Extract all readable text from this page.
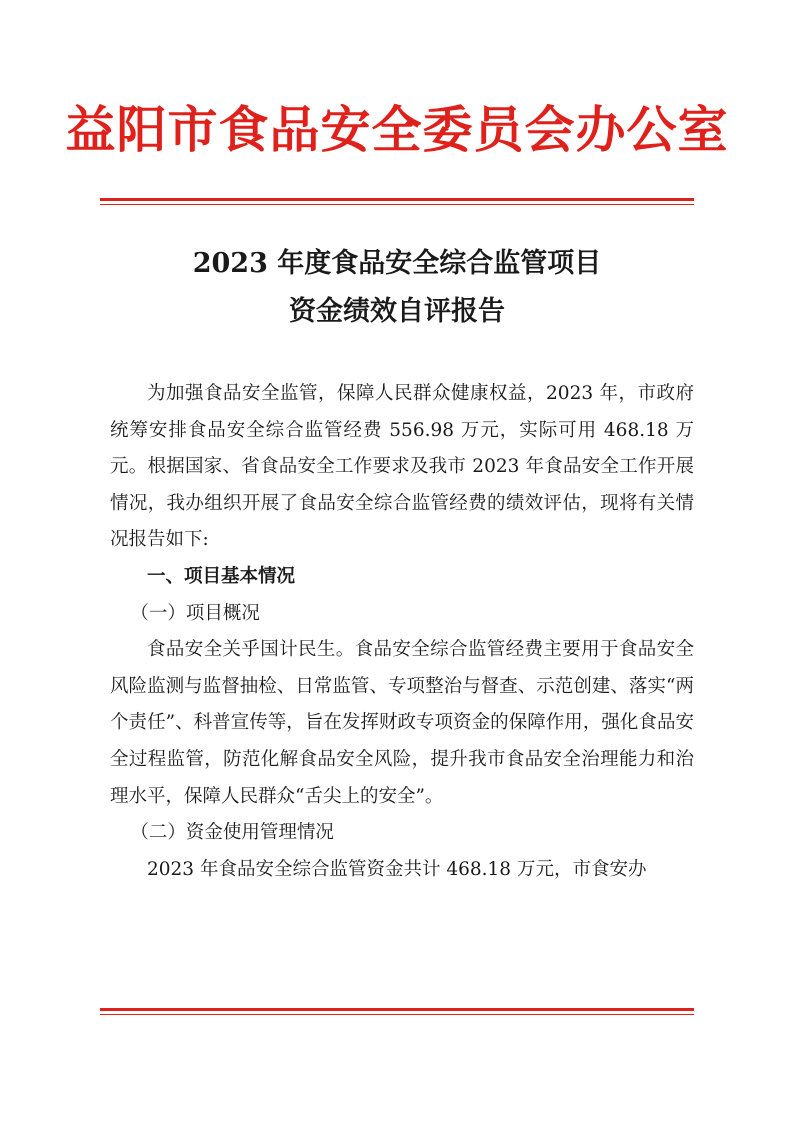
益阳市食品安全委员会办公室
2023 年度食品安全综合监管项目
资金绩效自评报告

为加强食品安全监管，保障人民群众健康权益，2023 年，市政府统筹安排食品安全综合监管经费 556.98 万元，实际可用 468.18 万元。根据国家、省食品安全工作要求及我市 2023 年食品安全工作开展情况，我办组织开展了食品安全综合监管经费的绩效评估，现将有关情况报告如下:

一、项目基本情况
（一）项目概况

食品安全关乎国计民生。食品安全综合监管经费主要用于食品安全风险监测与监督抽检、日常监管、专项整治与督查、示范创建、落实“两个责任”、科普宣传等，旨在发挥财政专项资金的保障作用，强化食品安全过程监管，防范化解食品安全风险，提升我市食品安全治理能力和治理水平，保障人民群众“舌尖上的安全”。

（二）资金使用管理情况

2023 年食品安全综合监管资金共计 468.18 万元，市食安办
